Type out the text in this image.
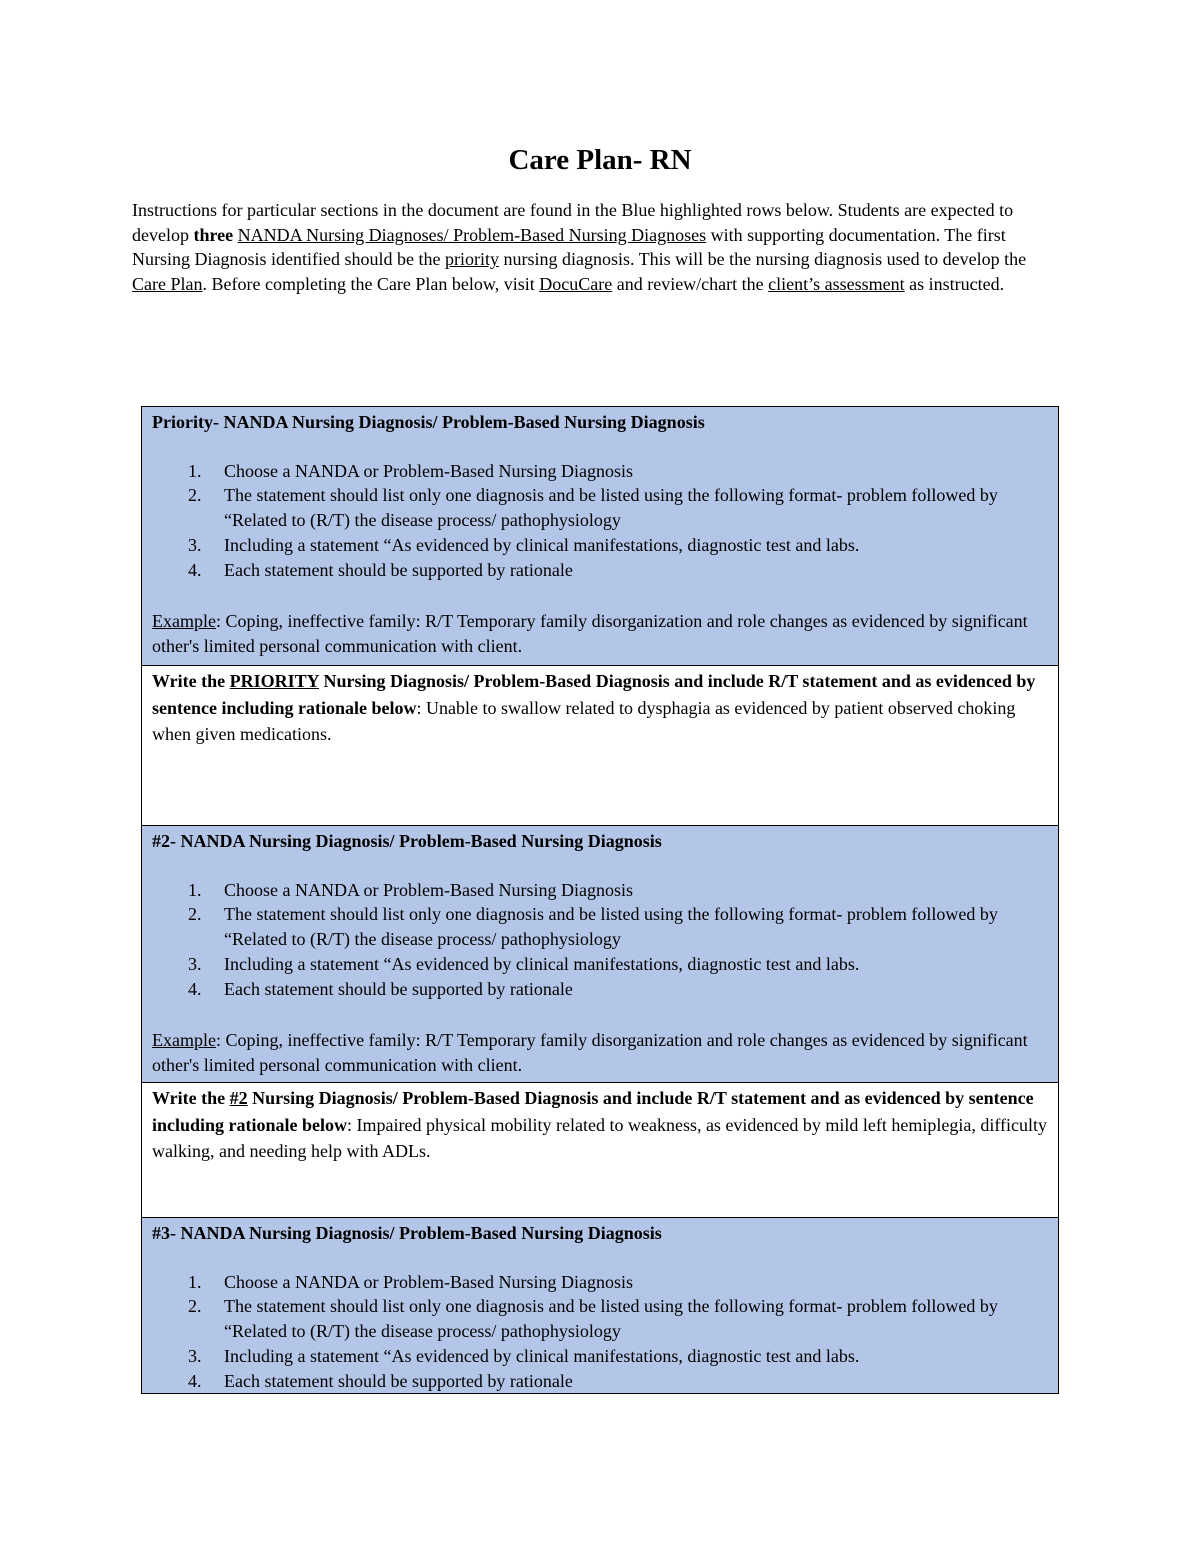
Care Plan- RN
Instructions for particular sections in the document are found in the Blue highlighted rows below. Students are expected to develop three NANDA Nursing Diagnoses/ Problem-Based Nursing Diagnoses with supporting documentation. The first Nursing Diagnosis identified should be the priority nursing diagnosis. This will be the nursing diagnosis used to develop the Care Plan. Before completing the Care Plan below, visit DocuCare and review/chart the client’s assessment as instructed.
Priority- NANDA Nursing Diagnosis/ Problem-Based Nursing Diagnosis
1. Choose a NANDA or Problem-Based Nursing Diagnosis
2. The statement should list only one diagnosis and be listed using the following format- problem followed by “Related to (R/T) the disease process/ pathophysiology
3. Including a statement “As evidenced by clinical manifestations, diagnostic test and labs.
4. Each statement should be supported by rationale
Example: Coping, ineffective family: R/T Temporary family disorganization and role changes as evidenced by significant other's limited personal communication with client.

Write the PRIORITY Nursing Diagnosis/ Problem-Based Diagnosis and include R/T statement and as evidenced by sentence including rationale below: Unable to swallow related to dysphagia as evidenced by patient observed choking when given medications.

#2- NANDA Nursing Diagnosis/ Problem-Based Nursing Diagnosis
1. Choose a NANDA or Problem-Based Nursing Diagnosis
2. The statement should list only one diagnosis and be listed using the following format- problem followed by “Related to (R/T) the disease process/ pathophysiology
3. Including a statement “As evidenced by clinical manifestations, diagnostic test and labs.
4. Each statement should be supported by rationale
Example: Coping, ineffective family: R/T Temporary family disorganization and role changes as evidenced by significant other's limited personal communication with client.

Write the #2 Nursing Diagnosis/ Problem-Based Diagnosis and include R/T statement and as evidenced by sentence including rationale below: Impaired physical mobility related to weakness, as evidenced by mild left hemiplegia, difficulty walking, and needing help with ADLs.

#3- NANDA Nursing Diagnosis/ Problem-Based Nursing Diagnosis
1. Choose a NANDA or Problem-Based Nursing Diagnosis
2. The statement should list only one diagnosis and be listed using the following format- problem followed by “Related to (R/T) the disease process/ pathophysiology
3. Including a statement “As evidenced by clinical manifestations, diagnostic test and labs.
4. Each statement should be supported by rationale
